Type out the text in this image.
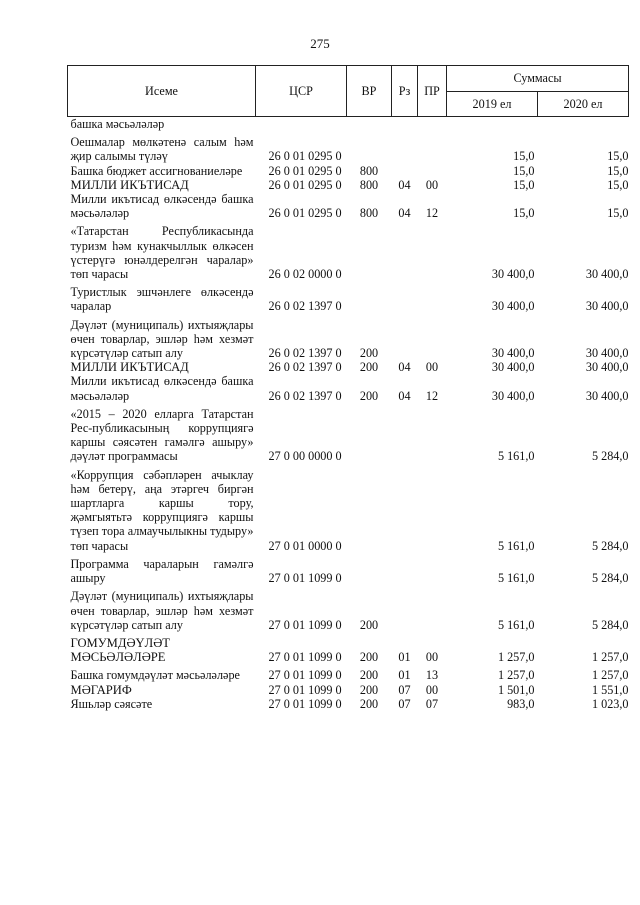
275
Исеме	ЦСР	ВР	Рз	ПР	Суммасы	
					2019 ел	2020 ел
башка мәсьәләләр						
Оешмалар мөлкәтенә салым һәм җир салымы түләү	26 0 01 0295 0				15,0	15,0
Башка бюджет ассигнованиеләре	26 0 01 0295 0	800			15,0	15,0
МИЛЛИ ИКЪТИСАД	26 0 01 0295 0	800	04	00	15,0	15,0
Милли икътисад өлкәсендә башка мәсьәләләр	26 0 01 0295 0	800	04	12	15,0	15,0
«Татарстан Республикасында туризм һәм кунакчыллык өлкәсен үстерүгә юнәлдерелгән чаралар» төп чарасы	26 0 02 0000 0				30 400,0	30 400,0
Туристлык эшчәнлеге өлкәсендә чаралар	26 0 02 1397 0				30 400,0	30 400,0
Дәүләт (муниципаль) ихтыяҗлары өчен товарлар, эшләр һәм хезмәт күрсәтүләр сатып алу	26 0 02 1397 0	200			30 400,0	30 400,0
МИЛЛИ ИКЪТИСАД	26 0 02 1397 0	200	04	00	30 400,0	30 400,0
Милли икътисад өлкәсендә башка мәсьәләләр	26 0 02 1397 0	200	04	12	30 400,0	30 400,0
«2015 – 2020 елларга Татарстан Рес-публикасының коррупциягә каршы сәясәтен гамәлгә ашыру» дәүләт программасы	27 0 00 0000 0				5 161,0	5 284,0
«Коррупция сәбәпләрен ачыклау һәм бетерү, аңа этәргеч биргән шартларга каршы тору, җәмгыятьтә коррупциягә каршы түзеп тора алмаучылыкны тудыру» төп чарасы	27 0 01 0000 0				5 161,0	5 284,0
Программа чараларын гамәлгә ашыру	27 0 01 1099 0				5 161,0	5 284,0
Дәүләт (муниципаль) ихтыяҗлары өчен товарлар, эшләр һәм хезмәт күрсәтүләр сатып алу	27 0 01 1099 0	200			5 161,0	5 284,0
ГОМУМДӘҮЛӘТ МӘСЬӘЛӘЛӘРЕ	27 0 01 1099 0	200	01	00	1 257,0	1 257,0
Башка гомумдәүләт мәсьәләләре	27 0 01 1099 0	200	01	13	1 257,0	1 257,0
МӘГАРИФ	27 0 01 1099 0	200	07	00	1 501,0	1 551,0
Яшьләр сәясәте	27 0 01 1099 0	200	07	07	983,0	1 023,0
